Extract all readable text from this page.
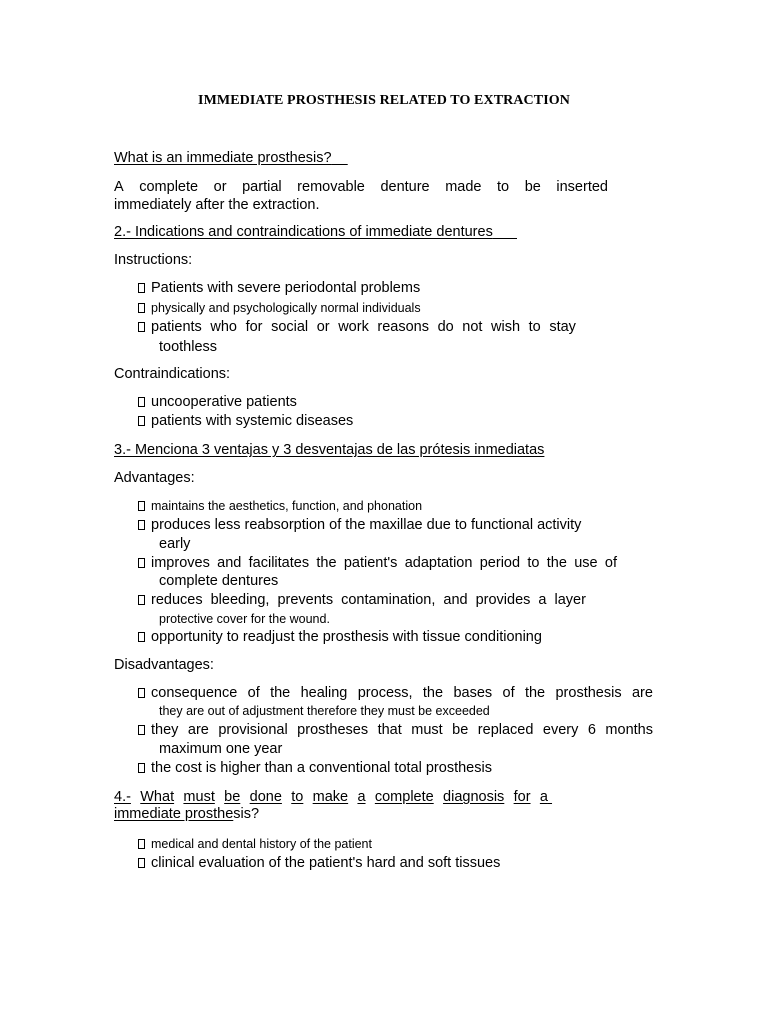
IMMEDIATE PROSTHESIS RELATED TO EXTRACTION
What is an immediate prosthesis?
A complete or partial removable denture made to be inserted
immediately after the extraction.
2.- Indications and contraindications of immediate dentures
Instructions:
Patients with severe periodontal problems
physically and psychologically normal individuals
patients who for social or work reasons do not wish to stay
toothless
Contraindications:
uncooperative patients
patients with systemic diseases
3.- Menciona 3 ventajas y 3 desventajas de las prótesis inmediatas
Advantages:
maintains the aesthetics, function, and phonation
produces less reabsorption of the maxillae due to functional activity
early
improves and facilitates the patient's adaptation period to the use of
complete dentures
reduces bleeding, prevents contamination, and provides a layer
protective cover for the wound.
opportunity to readjust the prosthesis with tissue conditioning
Disadvantages:
consequence of the healing process, the bases of the prosthesis are
they are out of adjustment therefore they must be exceeded
they are provisional prostheses that must be replaced every 6 months
maximum one year
the cost is higher than a conventional total prosthesis
4.- What must be done to make a complete diagnosis for a

immediate prosthesis?
medical and dental history of the patient
clinical evaluation of the patient's hard and soft tissues
